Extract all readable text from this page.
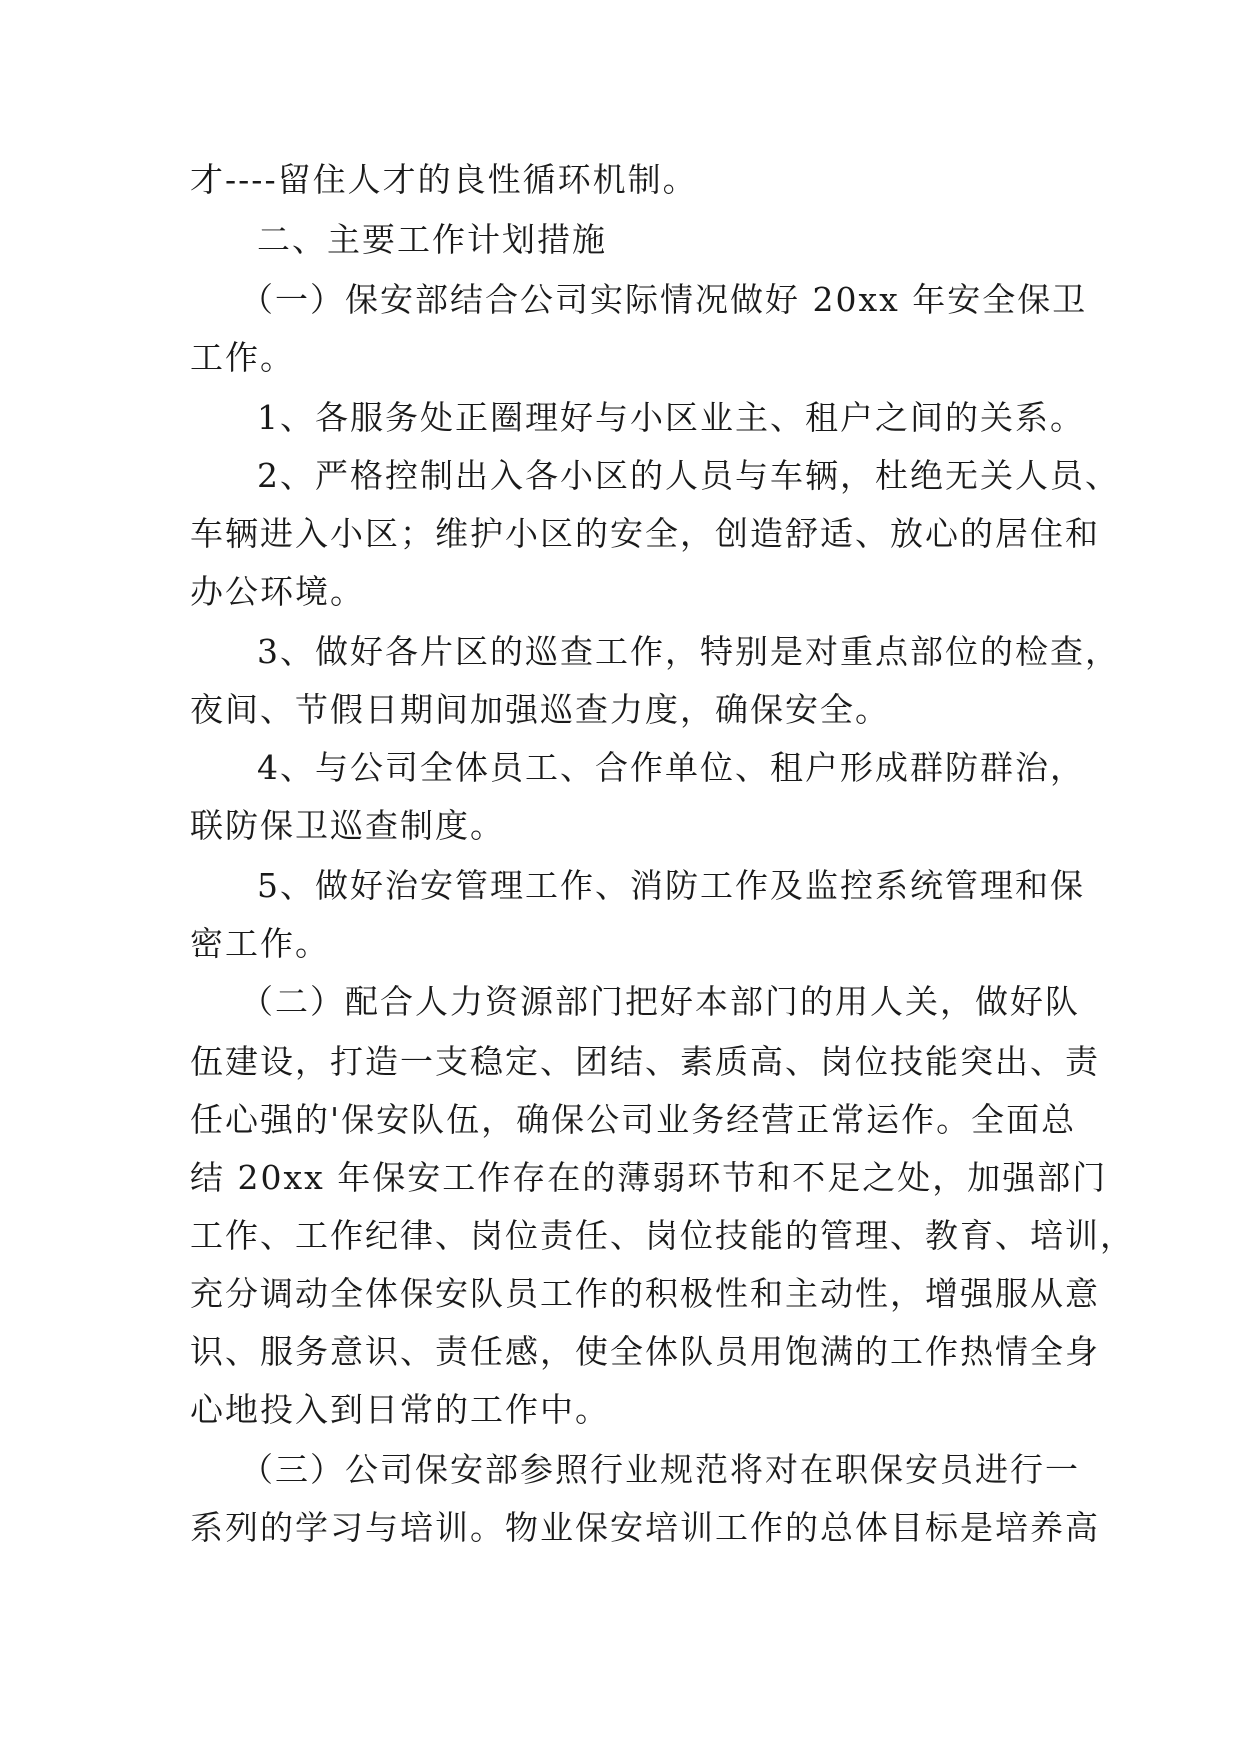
才----留住人才的良性循环机制。
二、主要工作计划措施
（一）保安部结合公司实际情况做好 20xx 年安全保卫
工作。
1、各服务处正圈理好与小区业主、租户之间的关系。
2、严格控制出入各小区的人员与车辆，杜绝无关人员、
车辆进入小区；维护小区的安全，创造舒适、放心的居住和
办公环境。
3、做好各片区的巡查工作，特别是对重点部位的检查，
夜间、节假日期间加强巡查力度，确保安全。
4、与公司全体员工、合作单位、租户形成群防群治，
联防保卫巡查制度。
5、做好治安管理工作、消防工作及监控系统管理和保
密工作。
（二）配合人力资源部门把好本部门的用人关，做好队
伍建设，打造一支稳定、团结、素质高、岗位技能突出、责
任心强的'保安队伍，确保公司业务经营正常运作。全面总
结 20xx 年保安工作存在的薄弱环节和不足之处，加强部门
工作、工作纪律、岗位责任、岗位技能的管理、教育、培训，
充分调动全体保安队员工作的积极性和主动性，增强服从意
识、服务意识、责任感，使全体队员用饱满的工作热情全身
心地投入到日常的工作中。
（三）公司保安部参照行业规范将对在职保安员进行一
系列的学习与培训。物业保安培训工作的总体目标是培养高
